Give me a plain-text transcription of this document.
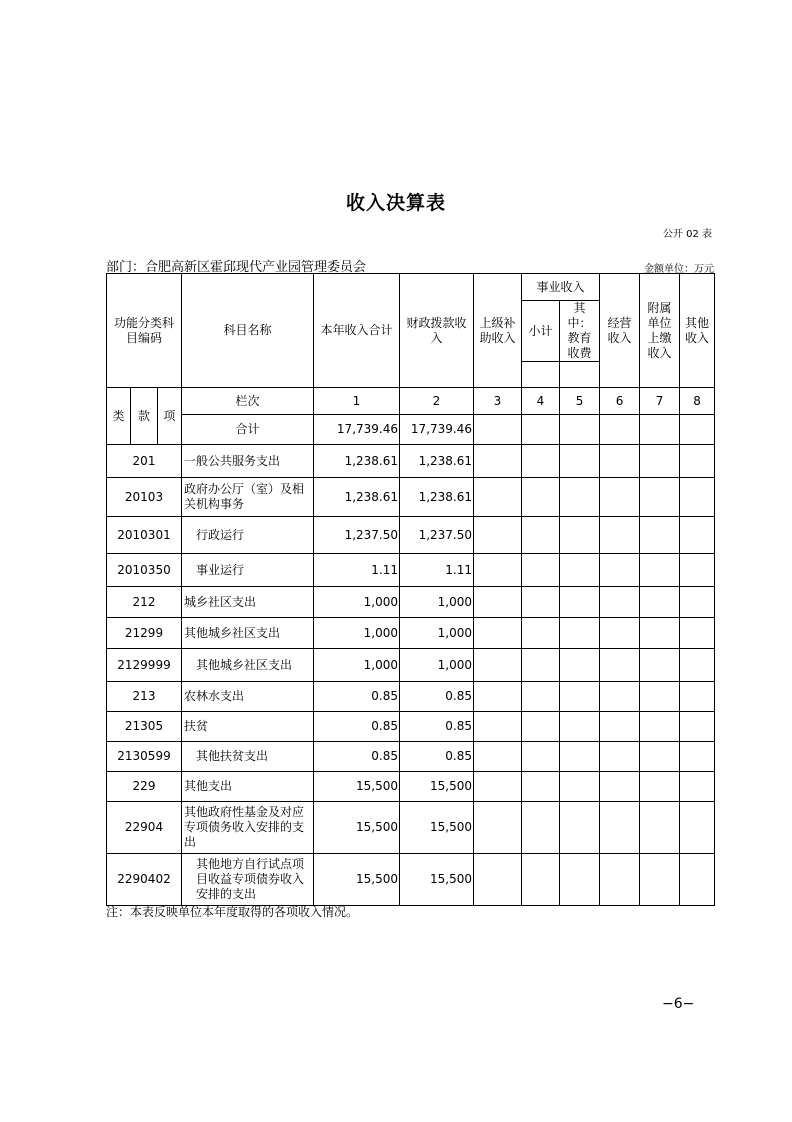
收入决算表
公开 02 表
部门：合肥高新区霍邱现代产业园管理委员会	金额单位：万元
功能分类科目编码			科目名称	本年收入合计	财政拨款收入	上级补助收入	事业收入		经营收入	附属单位上缴收入	其他收入
							小计	其中：教育收费			

类	款	项	栏次	1	2	3	4	5	6	7	8
			合计	17,739.46	17,739.46						
201			一般公共服务支出	1,238.61	1,238.61						
20103			政府办公厅（室）及相关机构事务	1,238.61	1,238.61						
2010301			行政运行	1,237.50	1,237.50						
2010350			事业运行	1.11	1.11						
212			城乡社区支出	1,000	1,000						
21299			其他城乡社区支出	1,000	1,000						
2129999			其他城乡社区支出	1,000	1,000						
213			农林水支出	0.85	0.85						
21305			扶贫	0.85	0.85						
2130599			其他扶贫支出	0.85	0.85						
229			其他支出	15,500	15,500						
22904			其他政府性基金及对应专项债务收入安排的支出	15,500	15,500						
2290402			其他地方自行试点项目收益专项债券收入安排的支出	15,500	15,500						
注：本表反映单位本年度取得的各项收入情况。
−6−
